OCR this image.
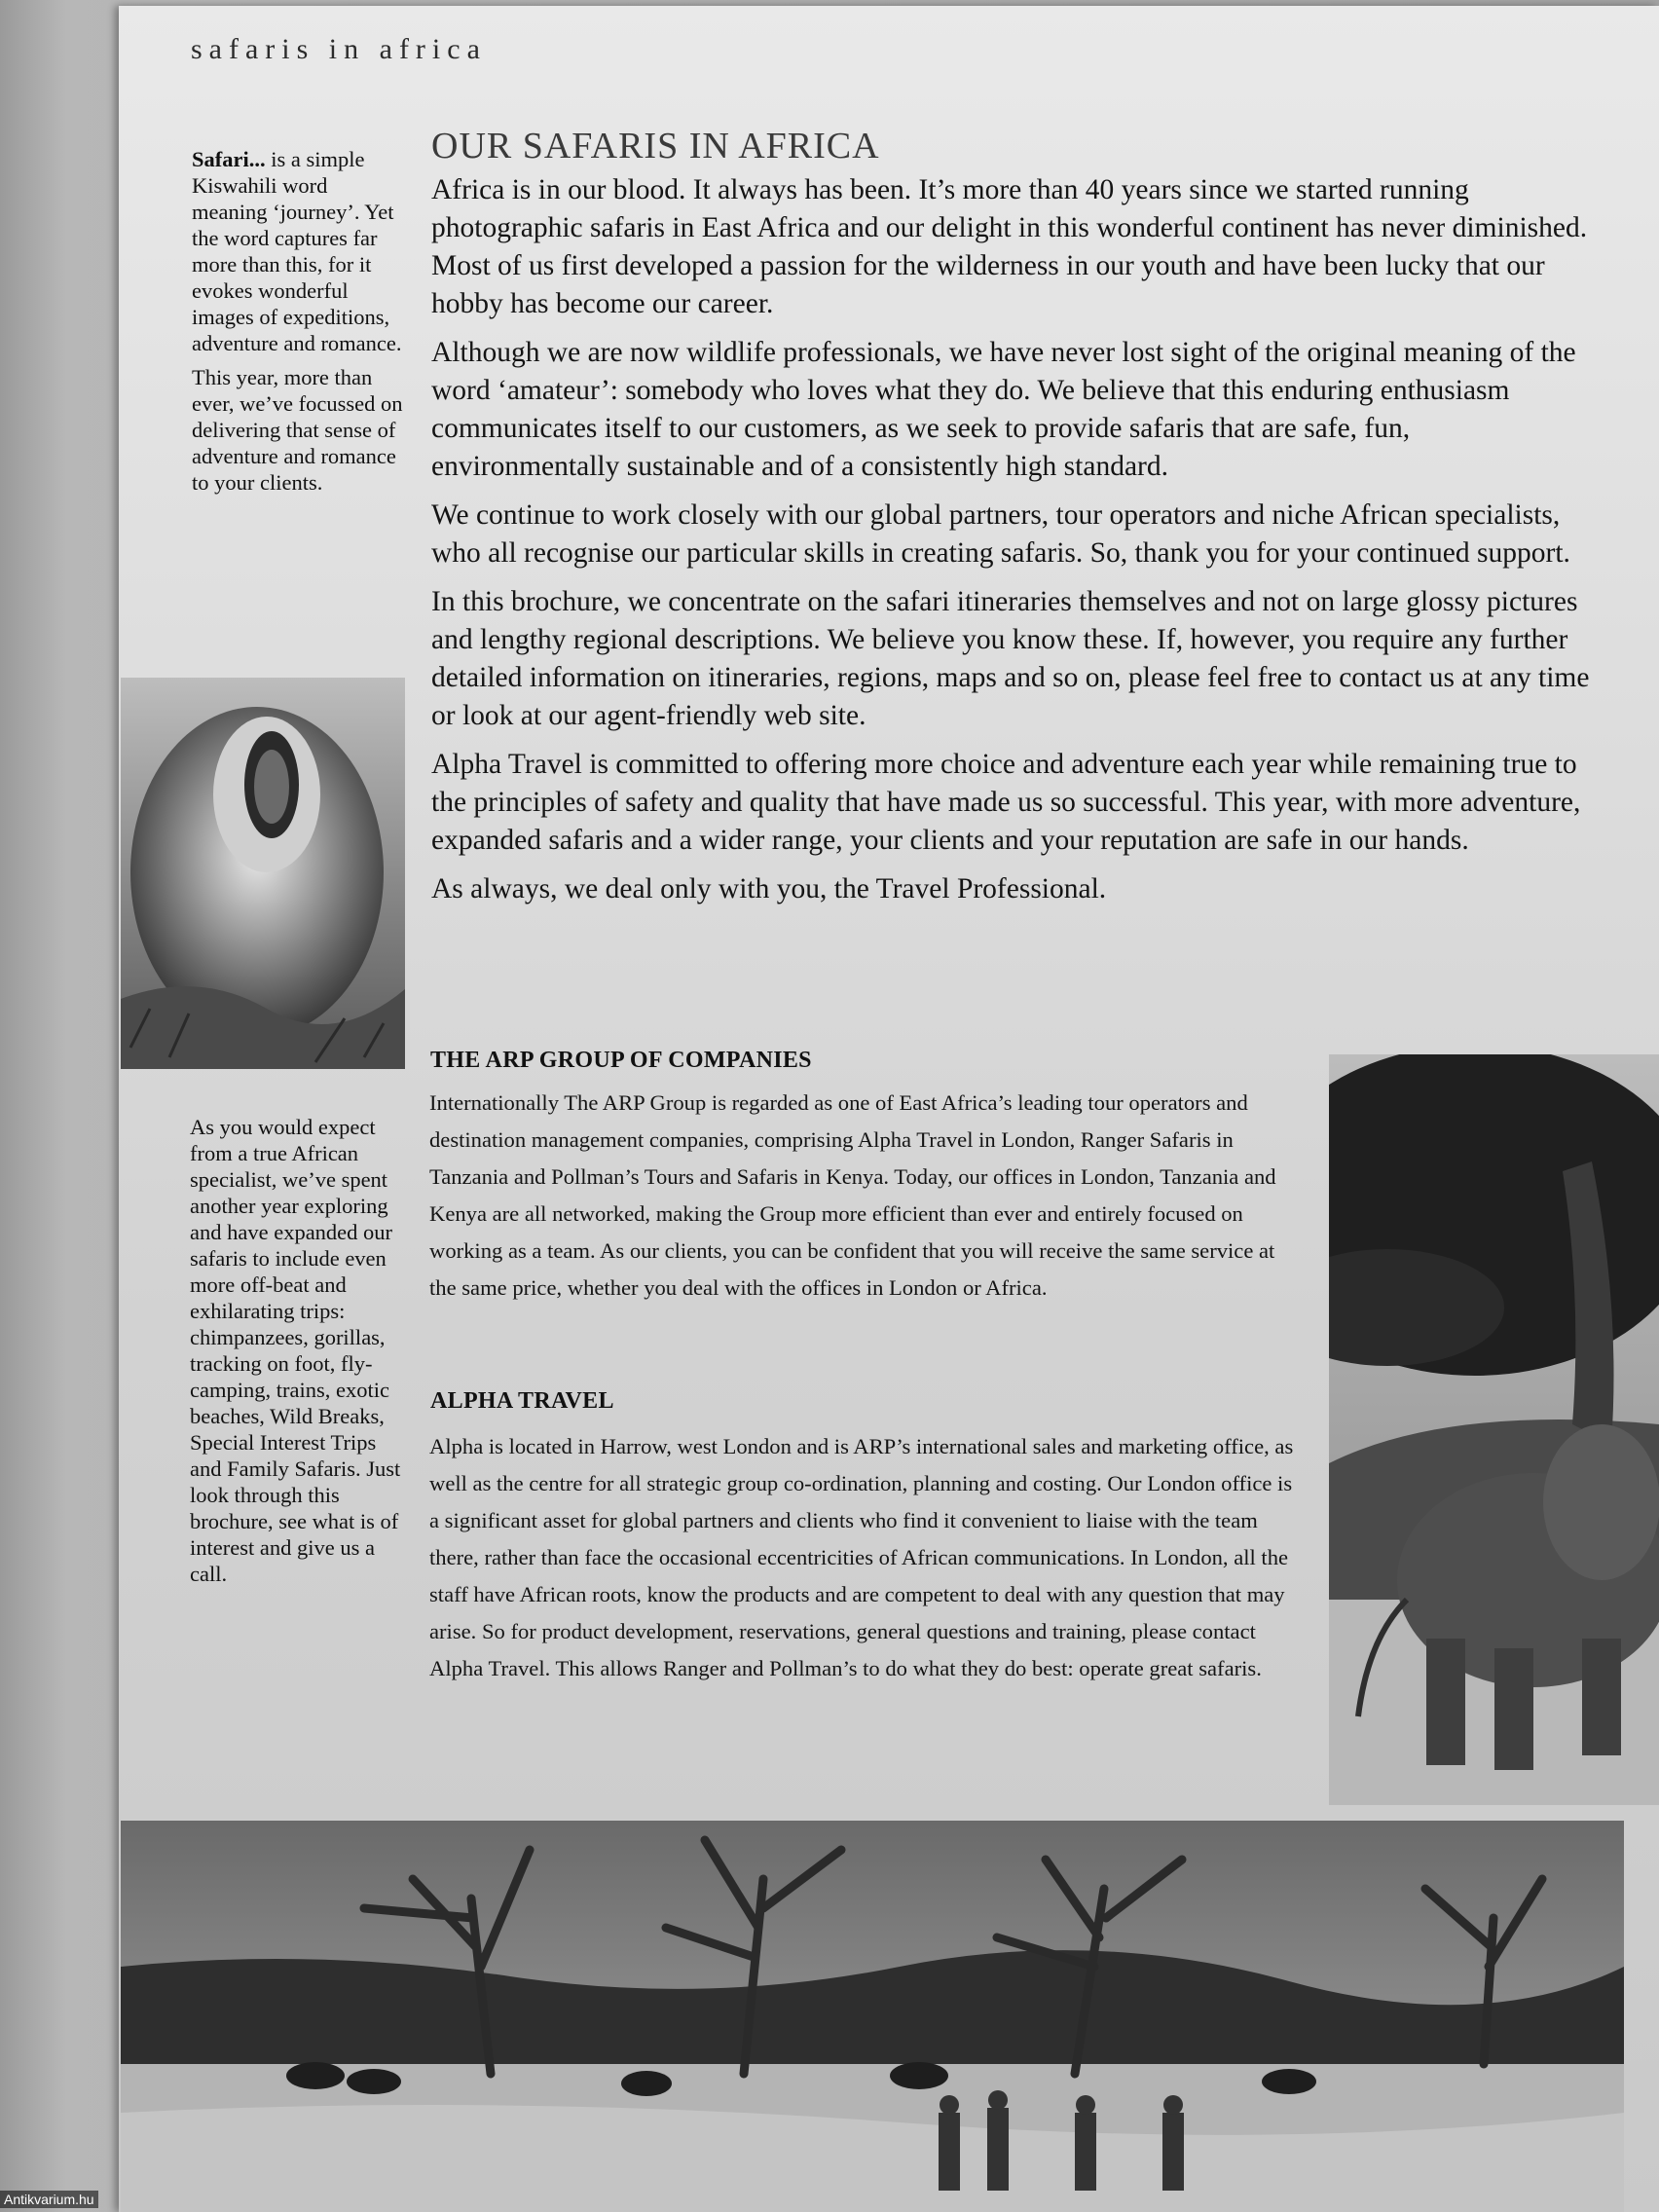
safaris in africa

Safari... is a simple Kiswahili word meaning ‘journey’. Yet the word captures far more than this, for it evokes wonderful images of expeditions, adventure and romance.

This year, more than ever, we’ve focussed on delivering that sense of adventure and romance to your clients.

As you would expect from a true African specialist, we’ve spent another year exploring and have expanded our safaris to include even more off-beat and exhilarating trips: chimpanzees, gorillas, tracking on foot, fly-camping, trains, exotic beaches, Wild Breaks, Special Interest Trips and Family Safaris. Just look through this brochure, see what is of interest and give us a call.

OUR SAFARIS IN AFRICA

Africa is in our blood. It always has been. It’s more than 40 years since we started running photographic safaris in East Africa and our delight in this wonderful continent has never diminished. Most of us first developed a passion for the wilderness in our youth and have been lucky that our hobby has become our career.

Although we are now wildlife professionals, we have never lost sight of the original meaning of the word ‘amateur’: somebody who loves what they do. We believe that this enduring enthusiasm communicates itself to our customers, as we seek to provide safaris that are safe, fun, environmentally sustainable and of a consistently high standard.

We continue to work closely with our global partners, tour operators and niche African specialists, who all recognise our particular skills in creating safaris. So, thank you for your continued support.

In this brochure, we concentrate on the safari itineraries themselves and not on large glossy pictures and lengthy regional descriptions. We believe you know these. If, however, you require any further detailed information on itineraries, regions, maps and so on, please feel free to contact us at any time or look at our agent-friendly web site.

Alpha Travel is committed to offering more choice and adventure each year while remaining true to the principles of safety and quality that have made us so successful. This year, with more adventure, expanded safaris and a wider range, your clients and your reputation are safe in our hands.

As always, we deal only with you, the Travel Professional.

THE ARP GROUP OF COMPANIES

Internationally The ARP Group is regarded as one of East Africa’s leading tour operators and destination management companies, comprising Alpha Travel in London, Ranger Safaris in Tanzania and Pollman’s Tours and Safaris in Kenya. Today, our offices in London, Tanzania and Kenya are all networked, making the Group more efficient than ever and entirely focused on working as a team. As our clients, you can be confident that you will receive the same service at the same price, whether you deal with the offices in London or Africa.

ALPHA TRAVEL

Alpha is located in Harrow, west London and is ARP’s international sales and marketing office, as well as the centre for all strategic group co-ordination, planning and costing. Our London office is a significant asset for global partners and clients who find it convenient to liaise with the team there, rather than face the occasional eccentricities of African communications. In London, all the staff have African roots, know the products and are competent to deal with any question that may arise. So for product development, reservations, general questions and training, please contact Alpha Travel. This allows Ranger and Pollman’s to do what they do best: operate great safaris.

Antikvarium.hu
